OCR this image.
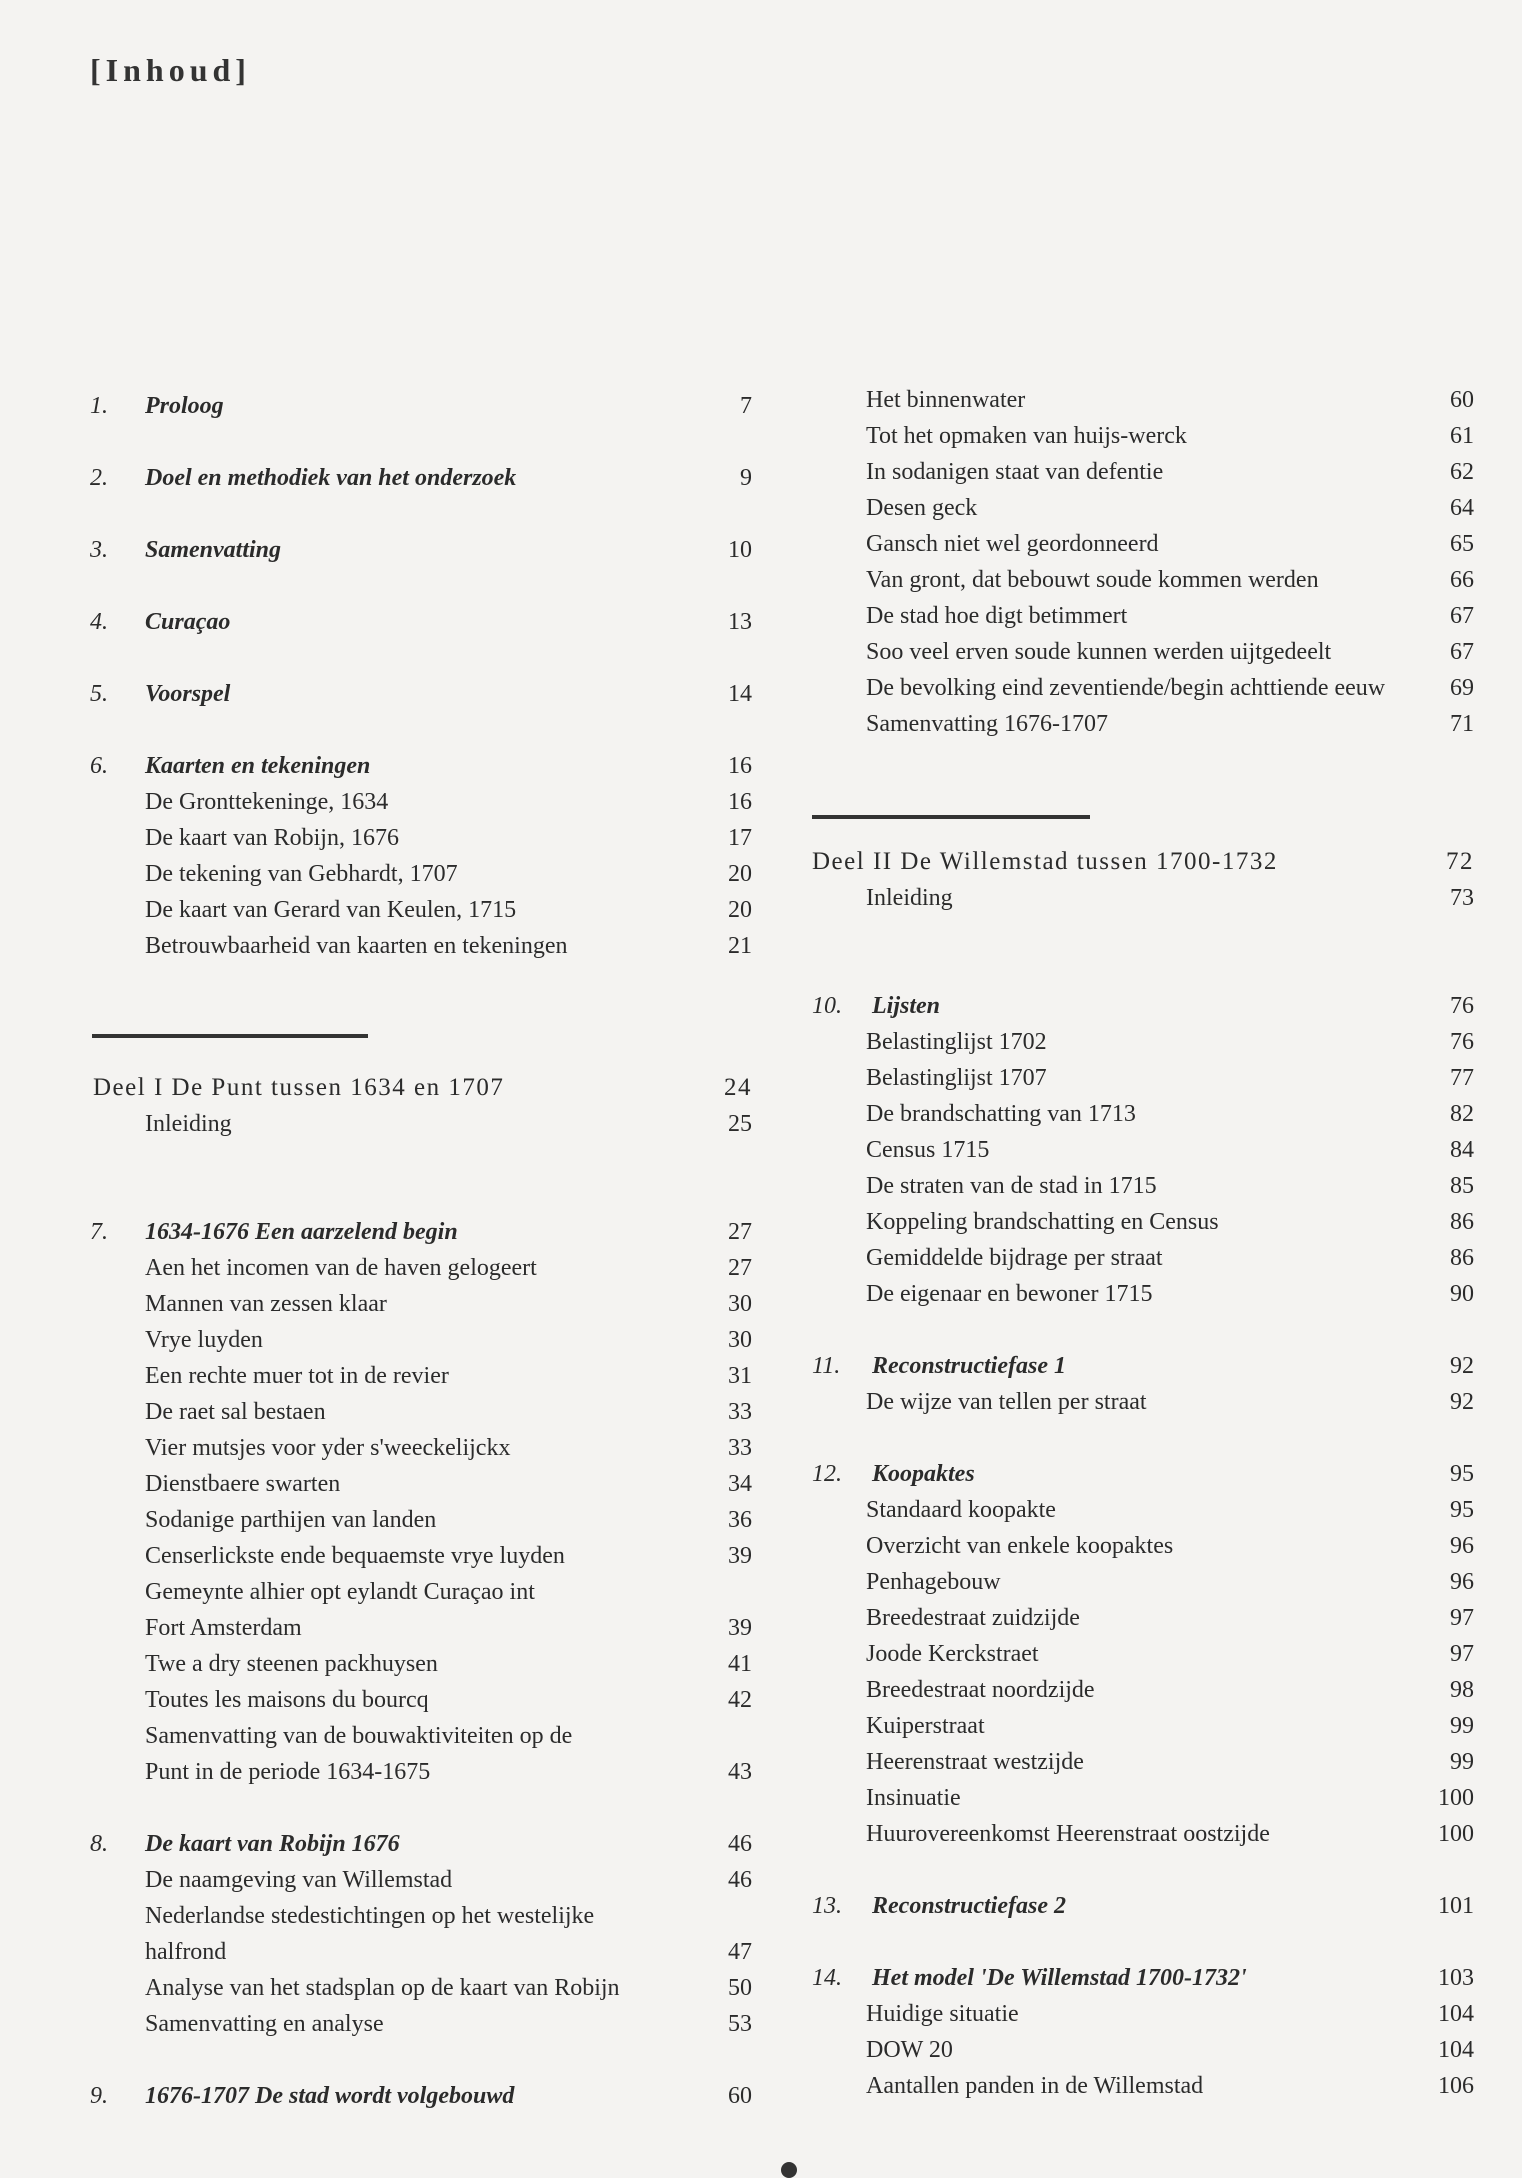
[Inhoud]
1. Proloog	7
2. Doel en methodiek van het onderzoek	9
3. Samenvatting	10
4. Curaçao	13
5. Voorspel	14
6. Kaarten en tekeningen	16
De Gronttekeninge, 1634	16
De kaart van Robijn, 1676	17
De tekening van Gebhardt, 1707	20
De kaart van Gerard van Keulen, 1715	20
Betrouwbaarheid van kaarten en tekeningen	21
Deel I De Punt tussen 1634 en 1707	24
Inleiding	25
7. 1634-1676 Een aarzelend begin	27
Aen het incomen van de haven gelogeert	27
Mannen van zessen klaar	30
Vrye luyden	30
Een rechte muer tot in de revier	31
De raet sal bestaen	33
Vier mutsjes voor yder s'weeckelijckx	33
Dienstbaere swarten	34
Sodanige parthijen van landen	36
Censerlickste ende bequaemste vrye luyden	39
Gemeynte alhier opt eylandt Curaçao int
Fort Amsterdam	39
Twe a dry steenen packhuysen	41
Toutes les maisons du bourcq	42
Samenvatting van de bouwaktiviteiten op de
Punt in de periode 1634-1675	43
8. De kaart van Robijn 1676	46
De naamgeving van Willemstad	46
Nederlandse stedestichtingen op het westelijke
halfrond	47
Analyse van het stadsplan op de kaart van Robijn	50
Samenvatting en analyse	53
9. 1676-1707 De stad wordt volgebouwd	60
Het binnenwater	60
Tot het opmaken van huijs-werck	61
In sodanigen staat van defentie	62
Desen geck	64
Gansch niet wel geordonneerd	65
Van gront, dat bebouwt soude kommen werden	66
De stad hoe digt betimmert	67
Soo veel erven soude kunnen werden uijtgedeelt	67
De bevolking eind zeventiende/begin achttiende eeuw	69
Samenvatting 1676-1707	71
Deel II De Willemstad tussen 1700-1732	72
Inleiding	73
10. Lijsten	76
Belastinglijst 1702	76
Belastinglijst 1707	77
De brandschatting van 1713	82
Census 1715	84
De straten van de stad in 1715	85
Koppeling brandschatting en Census	86
Gemiddelde bijdrage per straat	86
De eigenaar en bewoner 1715	90
11. Reconstructiefase 1	92
De wijze van tellen per straat	92
12. Koopaktes	95
Standaard koopakte	95
Overzicht van enkele koopaktes	96
Penhagebouw	96
Breedestraat zuidzijde	97
Joode Kerckstraet	97
Breedestraat noordzijde	98
Kuiperstraat	99
Heerenstraat westzijde	99
Insinuatie	100
Huurovereenkomst Heerenstraat oostzijde	100
13. Reconstructiefase 2	101
14. Het model 'De Willemstad 1700-1732'	103
Huidige situatie	104
DOW 20	104
Aantallen panden in de Willemstad	106
